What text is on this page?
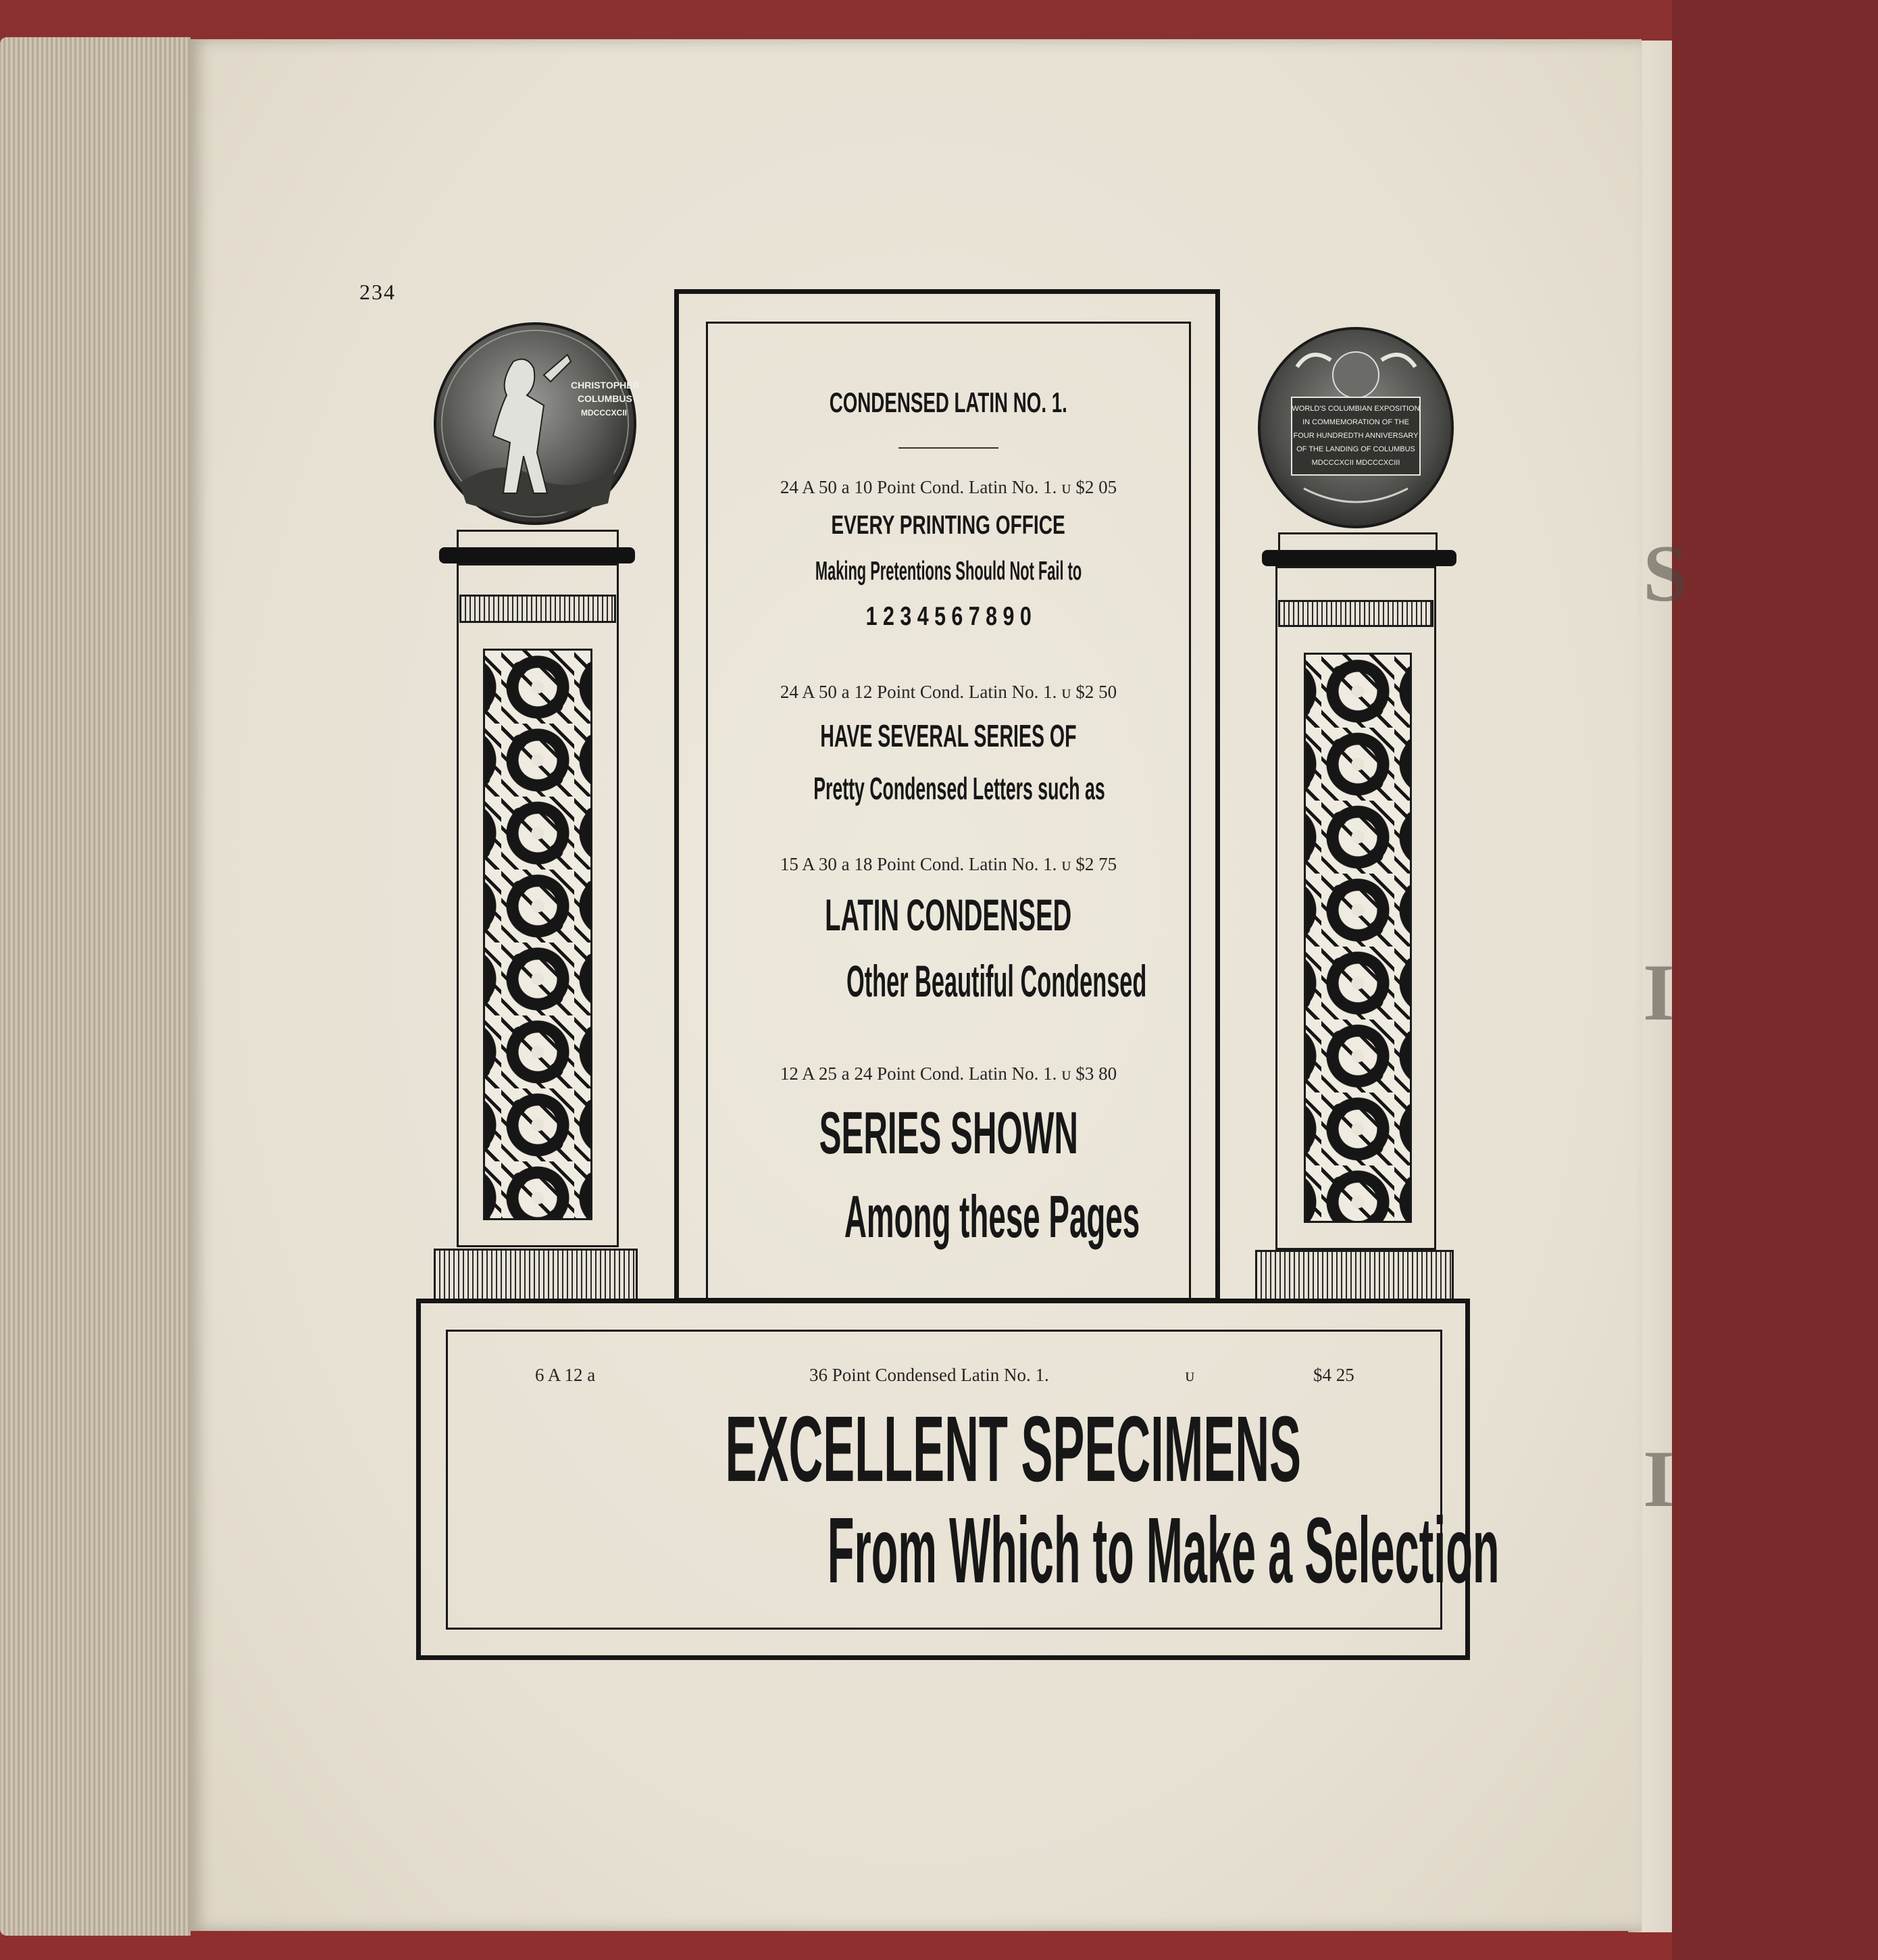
S
I
I
234
CHRISTOPHER
COLUMBUS
MDCCCXCII	WORLD'S COLUMBIAN EXPOSITION
IN COMMEMORATION OF THE
FOUR HUNDREDTH ANNIVERSARY
OF THE LANDING OF COLUMBUS
MDCCCXCII MDCCCXCIII
CONDENSED LATIN NO. 1.
24 A 50 a 10 Point Cond. Latin No. 1. ᴜ $2 05
EVERY PRINTING OFFICE
Making Pretentions Should Not Fail to
1 2 3 4 5 6 7 8 9 0
24 A 50 a 12 Point Cond. Latin No. 1. ᴜ $2 50
HAVE SEVERAL SERIES OF
Pretty Condensed Letters such as
15 A 30 a 18 Point Cond. Latin No. 1. ᴜ $2 75
LATIN CONDENSED
Other Beautiful Condensed
12 A 25 a 24 Point Cond. Latin No. 1. ᴜ $3 80
SERIES SHOWN
Among these Pages
6 A 12 a	36 Point Condensed Latin No. 1.	ᴜ	$4 25
EXCELLENT SPECIMENS
From Which to Make a Selection
